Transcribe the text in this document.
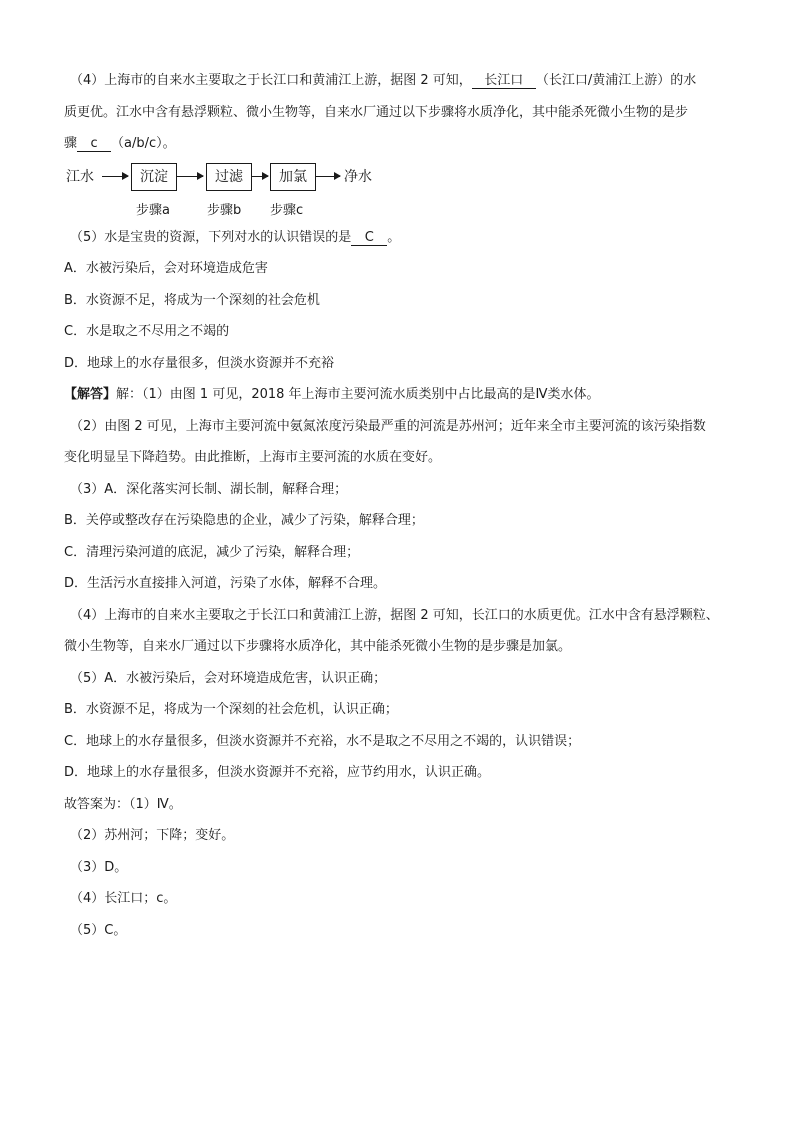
（4）上海市的自来水主要取之于长江口和黄浦江上游，据图 2 可知， 长江口 （长江口/黄浦江上游）的水

质更优。江水中含有悬浮颗粒、微小生物等，自来水厂通过以下步骤将水质净化，其中能杀死微小生物的是步

骤 c （a/b/c）。

江水	沉淀	过滤	加氯	净水
步骤a	步骤b 步骤c

（5）水是宝贵的资源，下列对水的认识错误的是 C 。

A．水被污染后，会对环境造成危害

B．水资源不足，将成为一个深刻的社会危机

C．水是取之不尽用之不竭的

D．地球上的水存量很多，但淡水资源并不充裕

【解答】解：（1）由图 1 可见，2018 年上海市主要河流水质类别中占比最高的是Ⅳ类水体。

（2）由图 2 可见，上海市主要河流中氨氮浓度污染最严重的河流是苏州河；近年来全市主要河流的该污染指数

变化明显呈下降趋势。由此推断，上海市主要河流的水质在变好。

（3）A．深化落实河长制、湖长制，解释合理；

B．关停或整改存在污染隐患的企业，减少了污染，解释合理；

C．清理污染河道的底泥，减少了污染，解释合理；

D．生活污水直接排入河道，污染了水体，解释不合理。

（4）上海市的自来水主要取之于长江口和黄浦江上游，据图 2 可知，长江口的水质更优。江水中含有悬浮颗粒、

微小生物等，自来水厂通过以下步骤将水质净化，其中能杀死微小生物的是步骤是加氯。

（5）A．水被污染后，会对环境造成危害，认识正确；

B．水资源不足，将成为一个深刻的社会危机，认识正确；

C．地球上的水存量很多，但淡水资源并不充裕，水不是取之不尽用之不竭的，认识错误；

D．地球上的水存量很多，但淡水资源并不充裕，应节约用水，认识正确。

故答案为：（1）Ⅳ。

（2）苏州河；下降；变好。

（3）D。

（4）长江口；c。

（5）C。
